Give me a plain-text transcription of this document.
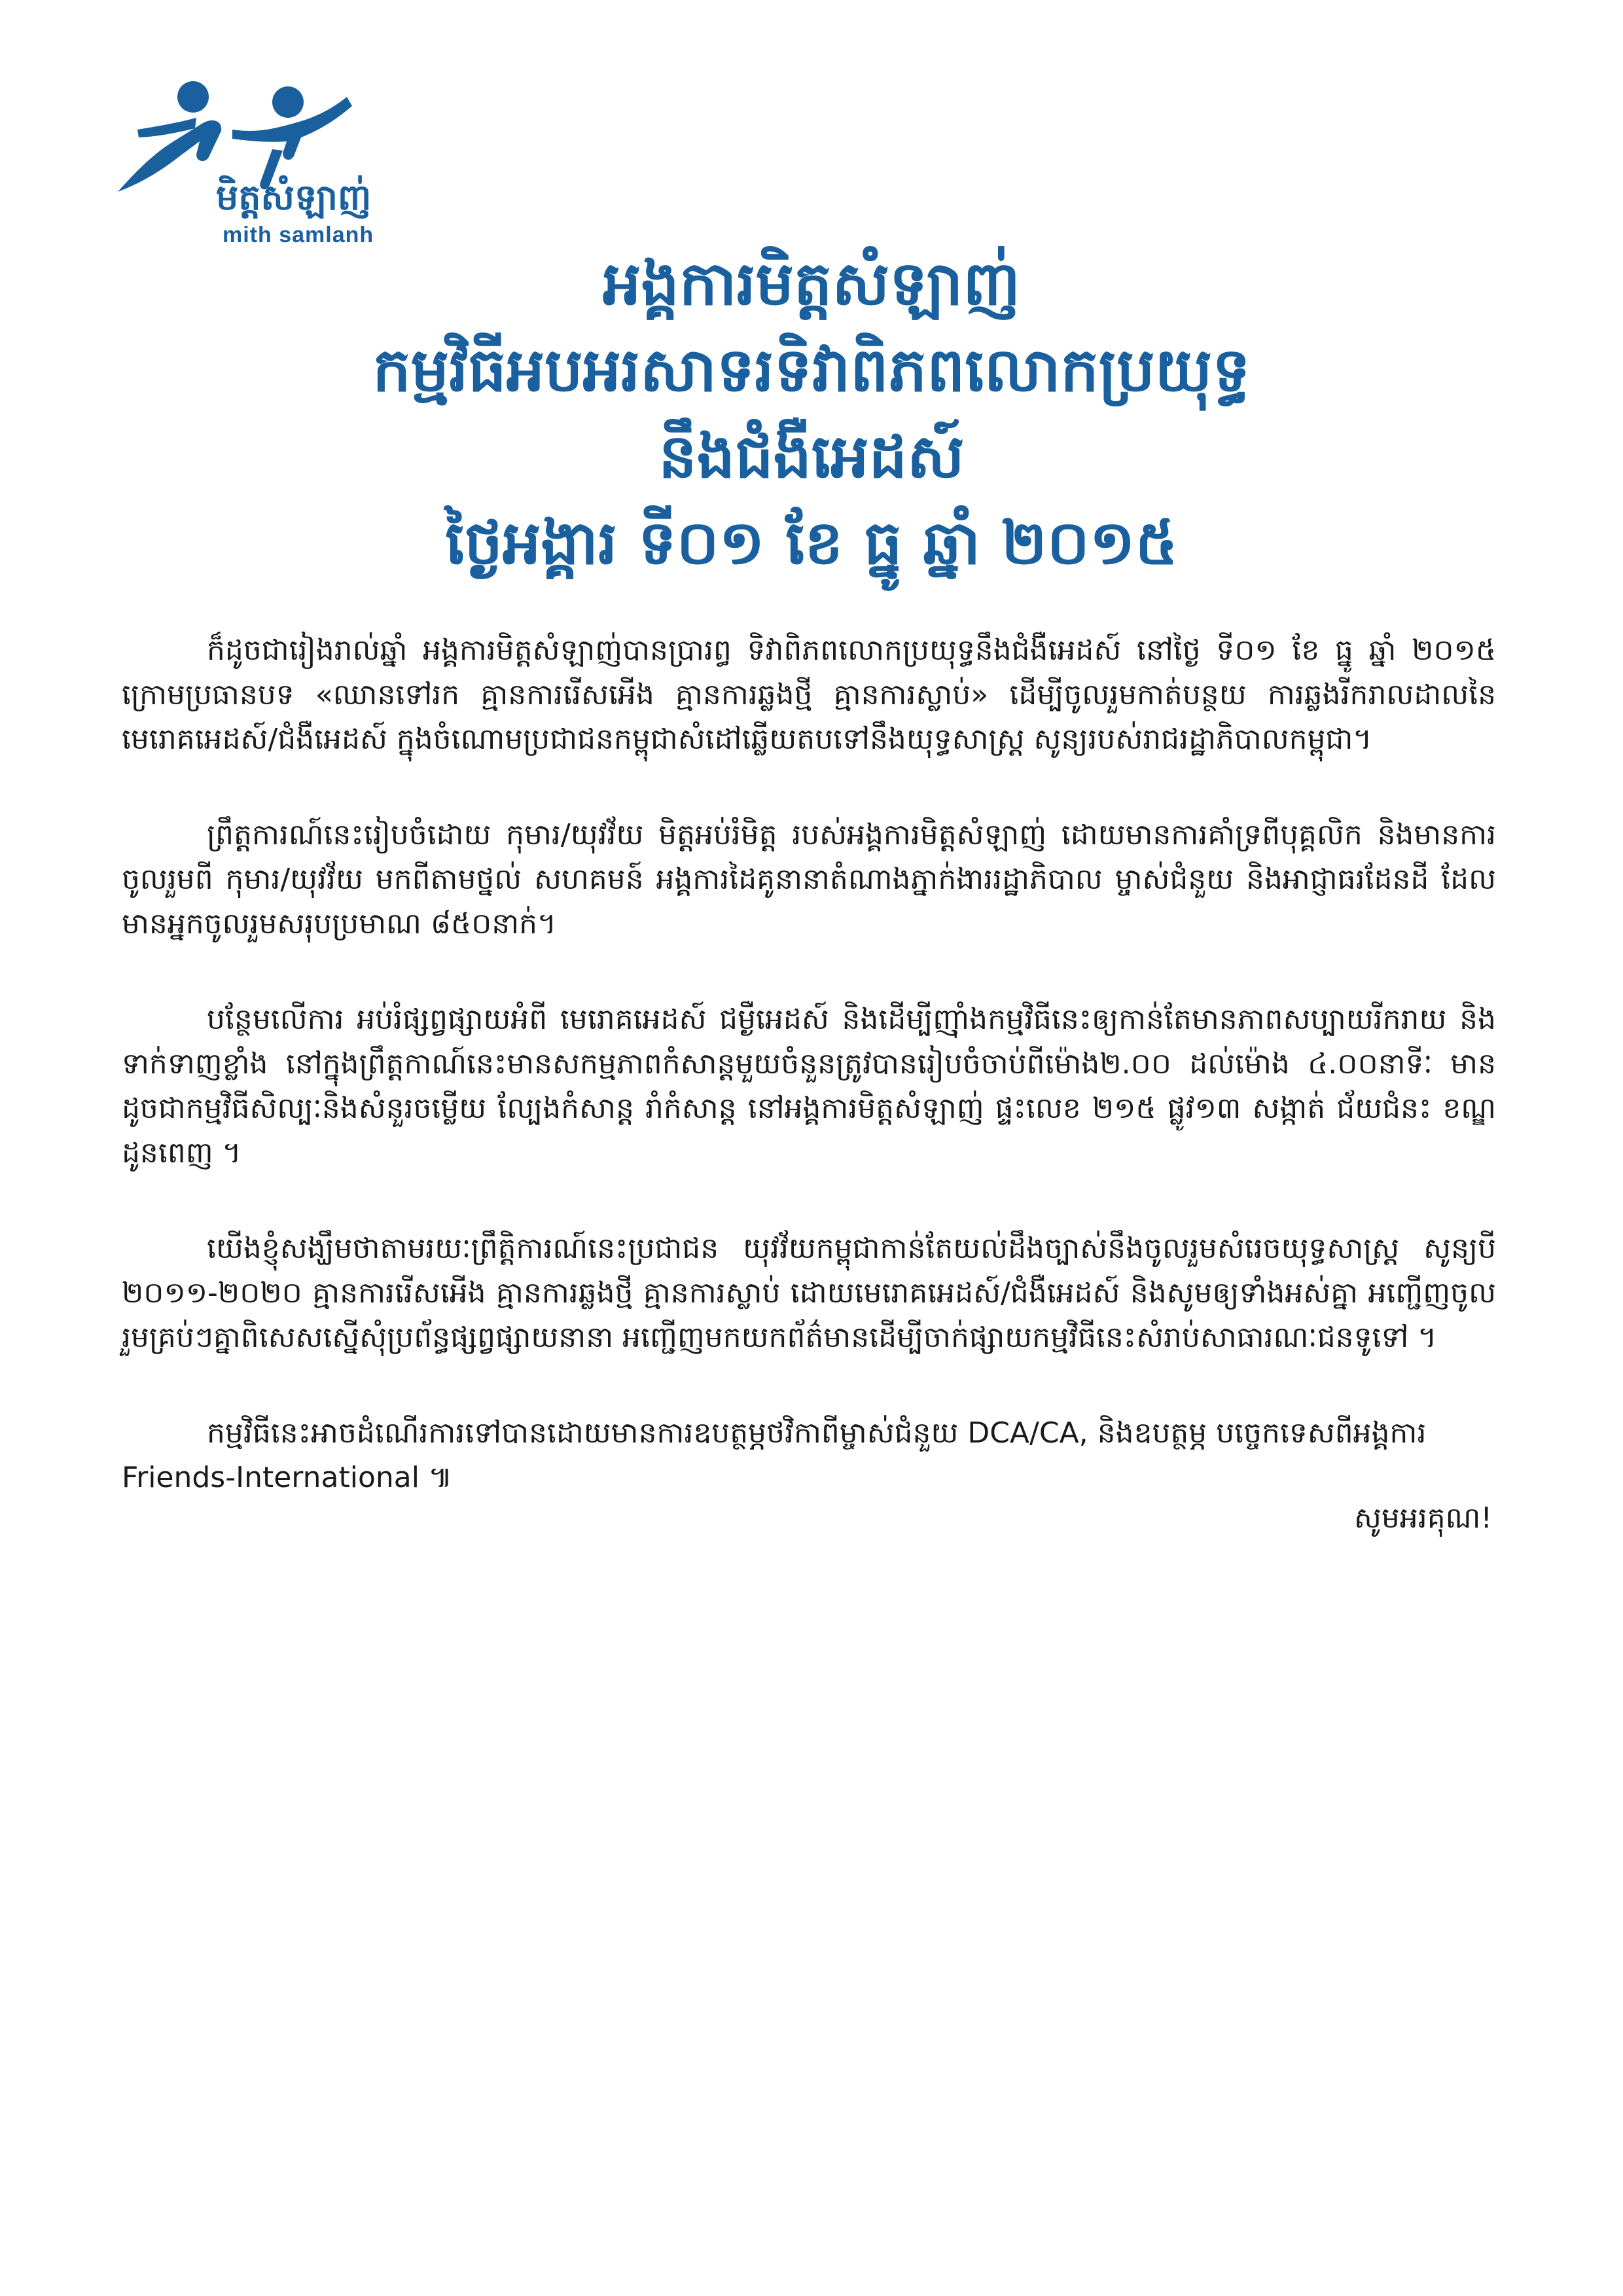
មិត្តសំឡាញ់
mith samlanh
អង្គការមិត្តសំឡាញ់
កម្មវិធីអបអរសាទរទិវាពិភពលោកប្រយុទ្ធ
នឹងជំងឺអេដស៍
ថ្ងៃអង្គារ ទី០១ ខែ ធ្នូ ឆ្នាំ ២០១៥

ក៏ដូចជារៀងរាល់ឆ្នាំ អង្គការមិត្តសំឡាញ់បានប្រារព្ធ ទិវាពិភពលោកប្រយុទ្ធនឹងជំងឺអេដស៍ នៅថ្ងៃ ទី០១ ខែ ធ្នូ ឆ្នាំ ២០១៥ ក្រោមប្រធានបទ «ឈានទៅរក គ្មានការរើសអើង គ្មានការឆ្លងថ្មី គ្មានការស្លាប់» ដើម្បីចូលរួមកាត់បន្ថយ ការឆ្លងរីករាលដាលនៃមេរោគអេដស៍/ជំងឺអេដស៍ ក្នុងចំណោមប្រជាជនកម្ពុជាសំដៅឆ្លើយតបទៅនឹងយុទ្ធសាស្ត្រ សូន្យរបស់រាជរដ្ឋាភិបាលកម្ពុជា។

ព្រឹត្តការណ៍នេះរៀបចំដោយ កុមារ/យុវវ័យ មិត្តអប់រំមិត្ត របស់អង្គការមិត្តសំឡាញ់ ដោយមានការគាំទ្រពីបុគ្គលិក និងមានការចូលរួមពី កុមារ/យុវវ័យ មកពីតាមថ្នល់ សហគមន៍ អង្គការដៃគូនានាតំណាងភ្នាក់ងាររដ្ឋាភិបាល ម្ចាស់ជំនួយ និងអាជ្ញាធរដែនដី ដែលមានអ្នកចូលរួមសរុបប្រមាណ ៨៥០នាក់។

បន្ថែមលើការ អប់រំផ្សព្វផ្សាយអំពី មេរោគអេដស៍ ជម្ងឺអេដស៍ និងដើម្បីញ៉ាំងកម្មវិធីនេះឲ្យកាន់តែមានភាពសប្បាយរីករាយ និងទាក់ទាញខ្លាំង នៅក្នុងព្រឹត្តកាណ៍នេះមានសកម្មភាពកំសាន្តមួយចំនួនត្រូវបានរៀបចំចាប់ពីម៉ោង២.០០ ដល់ម៉ោង ៤.០០នាទីៈ មានដូចជាកម្មវិធីសិល្បៈនិងសំនួរចម្លើយ ល្បែងកំសាន្ត រាំកំសាន្ត នៅអង្គការមិត្តសំឡាញ់ ផ្ទះលេខ ២១៥ ផ្លូវ១៣ សង្កាត់ ជ័យជំនះ ខណ្ឌ ដូនពេញ ។

យើងខ្ញុំសង្ឃឹមថាតាមរយៈព្រឹត្តិការណ៍នេះប្រជាជន យុវវ័យកម្ពុជាកាន់តែយល់ដឹងច្បាស់នឹងចូលរួមសំរេចយុទ្ធសាស្ត្រ សូន្យបី ២០១១-២០២០ គ្មានការរើសអើង គ្មានការឆ្លងថ្មី គ្មានការស្លាប់ ដោយមេរោគអេដស៍/ជំងឺអេដស៍ និងសូមឲ្យទាំងអស់គ្នា អញ្ជើញចូលរួមគ្រប់ៗគ្នាពិសេសស្នើសុំប្រព័ន្ធផ្សព្វផ្សាយនានា អញ្ជើញមកយកព័ត៌មានដើម្បីចាក់ផ្សាយកម្មវិធីនេះសំរាប់សាធារណៈជនទូទៅ ។

កម្មវិធីនេះអាចដំណើរការទៅបានដោយមានការឧបត្ថម្ភថវិកាពីម្ចាស់ជំនួយ DCA/CA, និងឧបត្ថម្ភ បច្ចេកទេសពីអង្គការ Friends-International ៕

សូមអរគុណ!
